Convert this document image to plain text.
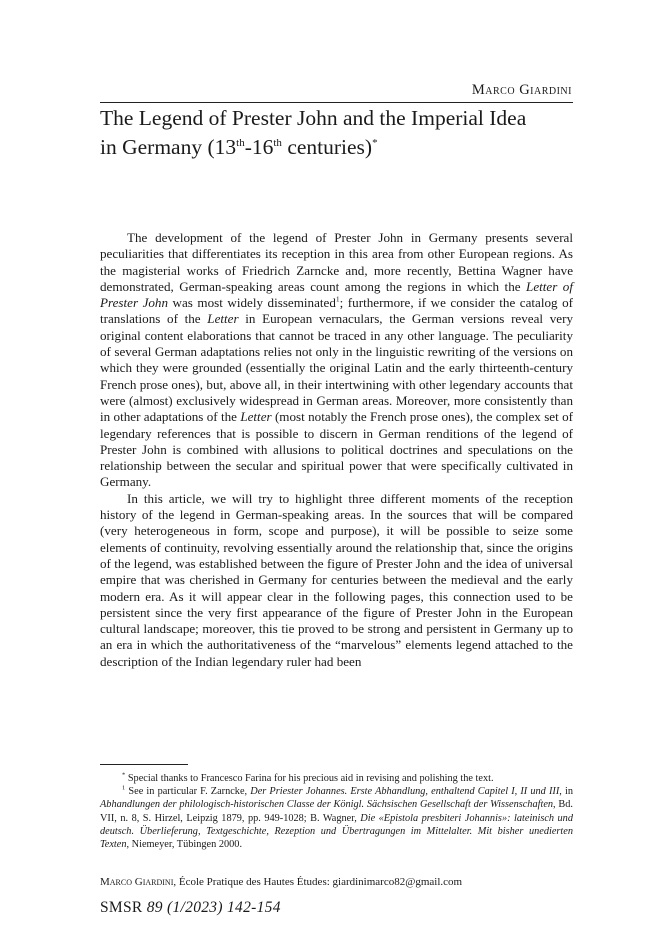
Marco Giardini
The Legend of Prester John and the Imperial Idea
in Germany (13th-16th centuries)*

The development of the legend of Prester John in Germany presents several peculiarities that differentiates its reception in this area from other European regions. As the magisterial works of Friedrich Zarncke and, more recently, Bettina Wagner have demonstrated, German-speaking areas count among the regions in which the Letter of Prester John was most widely disseminated$^1$; furthermore, if we consider the catalog of translations of the Letter in European vernaculars, the German versions reveal very original content elaborations that cannot be traced in any other language. The peculiarity of several German adaptations relies not only in the linguistic rewriting of the versions on which they were grounded (essentially the original Latin and the early thirteenth-century French prose ones), but, above all, in their intertwining with other legendary accounts that were (almost) exclusively widespread in German areas. Moreover, more consistently than in other adaptations of the Letter (most notably the French prose ones), the complex set of legendary references that is possible to discern in German renditions of the legend of Prester John is combined with allusions to political doctrines and speculations on the relationship between the secular and spiritual power that were specifically cultivated in Germany.

In this article, we will try to highlight three different moments of the reception history of the legend in German-speaking areas. In the sources that will be compared (very heterogeneous in form, scope and purpose), it will be possible to seize some elements of continuity, revolving essentially around the relationship that, since the origins of the legend, was established between the figure of Prester John and the idea of universal empire that was cherished in Germany for centuries between the medieval and the early modern era. As it will appear clear in the following pages, this connection used to be persistent since the very first appearance of the figure of Prester John in the European cultural landscape; moreover, this tie proved to be strong and persistent in Germany up to an era in which the authoritativeness of the “marvelous” elements legend attached to the description of the Indian legendary ruler had been

* Special thanks to Francesco Farina for his precious aid in revising and polishing the text.

$^1$ See in particular F. Zarncke, Der Priester Johannes. Erste Abhandlung, enthaltend Capitel I, II und III, in Abhandlungen der philologisch-historischen Classe der Königl. Sächsischen Gesellschaft der Wissenschaften, Bd. VII, n. 8, S. Hirzel, Leipzig 1879, pp. 949-1028; B. Wagner, Die «Epistola presbiteri Johannis»: lateinisch und deutsch. Überlieferung, Textgeschichte, Rezeption und Übertragungen im Mittelalter. Mit bisher unedierten Texten, Niemeyer, Tübingen 2000.

Marco Giardini, École Pratique des Hautes Études: giardinimarco82@gmail.com
SMSR 89 (1/2023) 142-154
